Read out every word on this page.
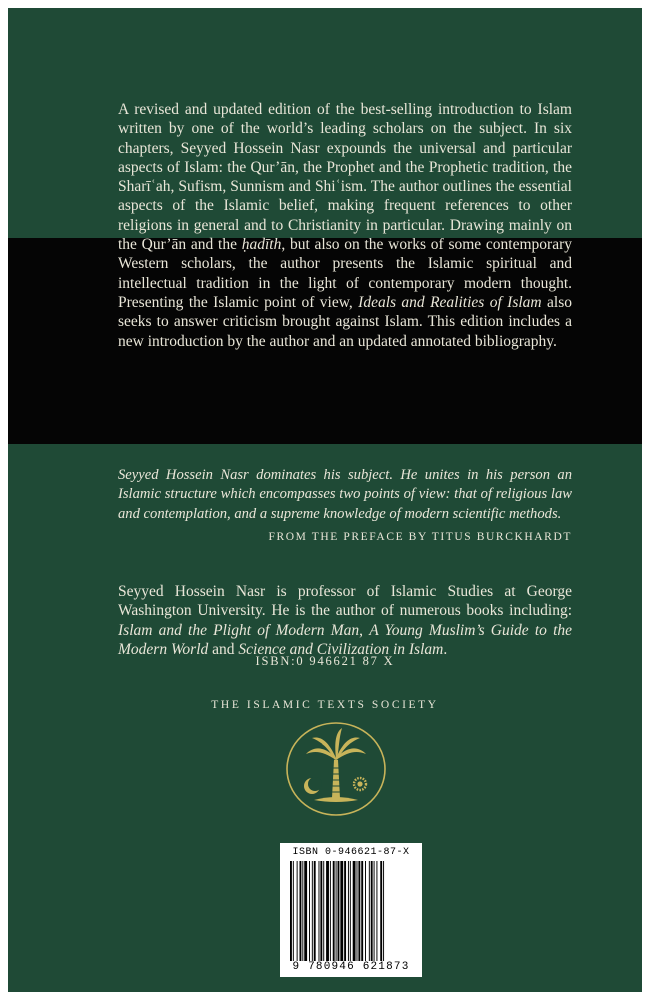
A revised and updated edition of the best-selling introduction to Islam written by one of the world’s leading scholars on the subject. In six chapters, Seyyed Hossein Nasr expounds the universal and particular aspects of Islam: the Qur’ān, the Prophet and the Prophetic tradition, the Sharīʿah, Sufism, Sunnism and Shiʿism. The author outlines the essential aspects of the Islamic belief, making frequent references to other religions in general and to Christianity in particular. Drawing mainly on the Qur’ān and the ḥadīth, but also on the works of some contemporary Western scholars, the author presents the Islamic spiritual and intellectual tradition in the light of contemporary modern thought. Presenting the Islamic point of view, Ideals and Realities of Islam also seeks to answer criticism brought against Islam. This edition includes a new introduction by the author and an updated annotated bibliography.
Seyyed Hossein Nasr dominates his subject. He unites in his person an Islamic structure which encompasses two points of view: that of religious law and contemplation, and a supreme knowledge of modern scientific methods.
FROM THE PREFACE BY TITUS BURCKHARDT
Seyyed Hossein Nasr is professor of Islamic Studies at George Washington University. He is the author of numerous books including: Islam and the Plight of Modern Man, A Young Muslim’s Guide to the Modern World and Science and Civilization in Islam.
ISBN:0 946621 87 X
THE ISLAMIC TEXTS SOCIETY
ISBN 0-946621-87-X
9 780946 621873
